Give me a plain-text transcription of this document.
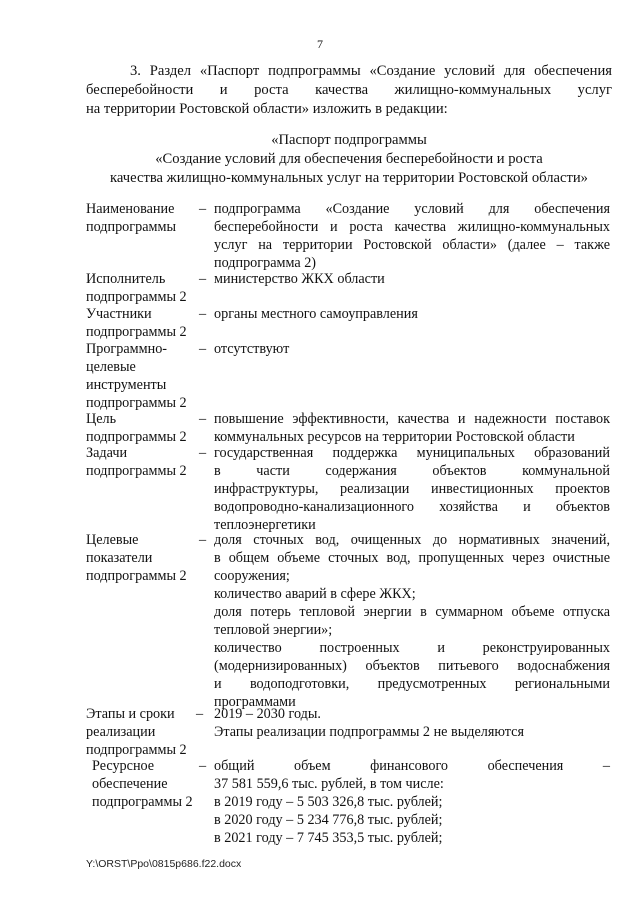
7

3. Раздел «Паспорт подпрограммы «Создание условий для обеспечения

бесперебойности и роста качества жилищно-коммунальных услуг
на территории Ростовской области» изложить в редакции:
«Паспорт подпрограммы
«Создание условий для обеспечения бесперебойности и роста
качества жилищно-коммунальных услуг на территории Ростовской области»
Наименование
подпрограммы
– подпрограмма «Создание условий для обеспечения
бесперебойности и роста качества жилищно-коммунальных
услуг на территории Ростовской области» (далее – также
подпрограмма 2)
Исполнитель
подпрограммы 2
– министерство ЖКХ области
Участники
подпрограммы 2
– органы местного самоуправления
Программно-
целевые
инструменты
подпрограммы 2
– отсутствуют
Цель
подпрограммы 2
– повышение эффективности, качества и надежности поставок
коммунальных ресурсов на территории Ростовской области
Задачи
подпрограммы 2
– государственная поддержка муниципальных образований
в части содержания объектов коммунальной
инфраструктуры, реализации инвестиционных проектов
водопроводно-канализационного хозяйства и объектов
теплоэнергетики
Целевые
показатели
подпрограммы 2
– доля сточных вод, очищенных до нормативных значений,
в общем объеме сточных вод, пропущенных через очистные
сооружения;
количество аварий в сфере ЖКХ;
доля потерь тепловой энергии в суммарном объеме отпуска
тепловой энергии»;
количество построенных и реконструированных
(модернизированных) объектов питьевого водоснабжения
и водоподготовки, предусмотренных региональными
программами
Этапы и сроки
реализации
подпрограммы 2
– 2019 – 2030 годы.
Этапы реализации подпрограммы 2 не выделяются
Ресурсное
обеспечение
подпрограммы 2
– общий объем финансового обеспечения –
37 581 559,6 тыс. рублей, в том числе:
в 2019 году – 5 503 326,8 тыс. рублей;
в 2020 году – 5 234 776,8 тыс. рублей;
в 2021 году – 7 745 353,5 тыс. рублей;
Y:\ORST\Ppo\0815p686.f22.docx
